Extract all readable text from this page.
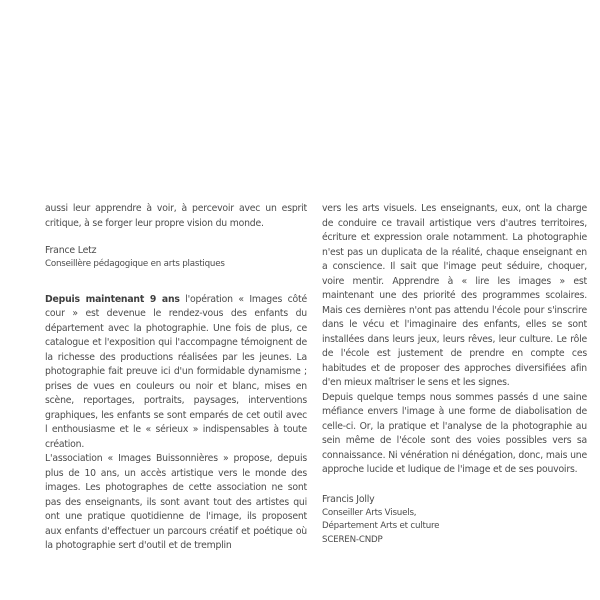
aussi leur apprendre à voir, à percevoir avec un esprit critique, à se forger leur propre vision du monde.

France Letz

Conseillère pédagogique en arts plastiques

Depuis maintenant 9 ans l'opération « Images côté cour » est devenue le rendez-vous des enfants du département avec la photographie. Une fois de plus, ce catalogue et l'exposition qui l'accompagne témoignent de la richesse des productions réalisées par les jeunes. La photographie fait preuve ici d'un formidable dynamisme ; prises de vues en couleurs ou noir et blanc, mises en scène, reportages, portraits, paysages, interventions graphiques, les enfants se sont emparés de cet outil avec l enthousiasme et le « sérieux » indispensables à toute création.

L'association « Images Buissonnières » propose, depuis plus de 10 ans, un accès artistique vers le monde des images. Les photographes de cette association ne sont pas des enseignants, ils sont avant tout des artistes qui ont une pratique quotidienne de l'image, ils proposent aux enfants d'effectuer un parcours créatif et poétique où la photographie sert d'outil et de tremplin

vers les arts visuels. Les enseignants, eux, ont la charge de conduire ce travail artistique vers d'autres territoires, écriture et expression orale notamment. La photographie n'est pas un duplicata de la réalité, chaque enseignant en a conscience. Il sait que l'image peut séduire, choquer, voire mentir. Apprendre à « lire les images » est maintenant une des priorité des programmes scolaires. Mais ces dernières n'ont pas attendu l'école pour s'inscrire dans le vécu et l'imaginaire des enfants, elles se sont installées dans leurs jeux, leurs rêves, leur culture. Le rôle de l'école est justement de prendre en compte ces habitudes et de proposer des approches diversifiées afin d'en mieux maîtriser le sens et les signes.

Depuis quelque temps nous sommes passés d une saine méfiance envers l'image à une forme de diabolisation de celle-ci. Or, la pratique et l'analyse de la photographie au sein même de l'école sont des voies possibles vers sa connaissance. Ni vénération ni dénégation, donc, mais une approche lucide et ludique de l'image et de ses pouvoirs.

Francis Jolly

Conseiller Arts Visuels,

Département Arts et culture

SCEREN-CNDP
